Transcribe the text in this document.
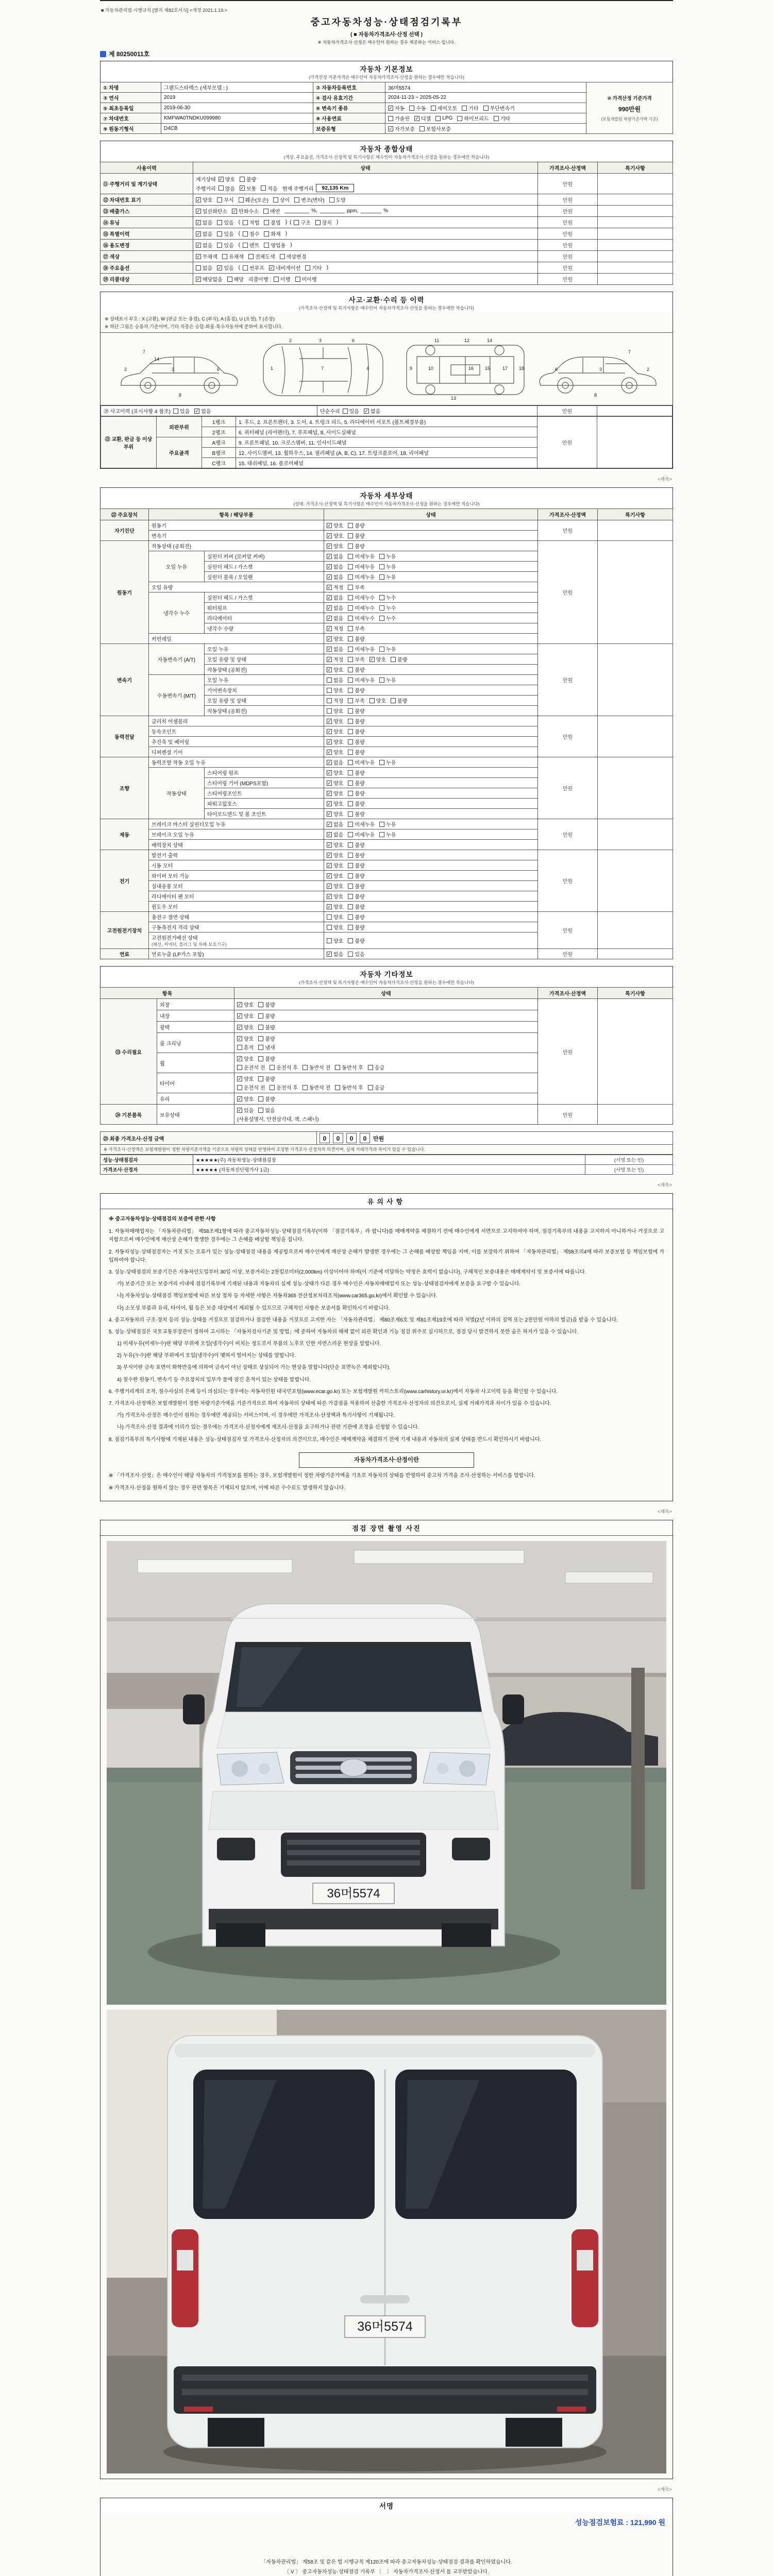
■ 자동차관리법 시행규칙 [별지 제82호서식] <개정 2021.1.19.>
중고자동차성능·상태점검기록부
( ■ 자동차가격조사·산정 선택 )
※ 자동차가격조사·산정은 매수인이 원하는 경우 제공하는 서비스 입니다.
제 80250011호
자동차 기본정보
(가격산정 기준가격은 매수인이 자동차가격조사·산정을 원하는 경우에만 적습니다)
① 차명	그랜드스타렉스 (세부모델 : )	② 자동차등록번호	36머5574	⑩ 가격산정 기준가격
990만원
(보험개발원 차량기준가액 기준)

③ 연식	2019	④ 검사 유효기간	2024-11-23 ~ 2025-05-22	
⑤ 최초등록일	2019-06-30	⑥ 변속기 종류	✓ 자동 수동 세미오토 기타 무단변속기

⑦ 차대번호	KMFWA0TNDKU099980	⑧ 사용연료	가솔린 ✓ 디젤 LPG 하이브리드 기타

⑨ 원동기형식	D4CB	보증유형	✓ 자가보증 보험사보증	
자동차 종합상태
(색상, 주요옵션, 가격조사·산정액 및 특기사항은 매수인이 자동차가격조사·산정을 원하는 경우에만 적습니다)
사용이력	상태	가격조사·산정액	특기사항
⑪ 주행거리 및 계기상태	
계기상태 ✓ 양호 불량
주행거리 많음 ✓ 보통 적음 현재 주행거리 92,135 Km
	만원	
⑫ 차대번호 표기	✓ 양호 부식 훼손(오손) 상이 변조(변타) 도말	만원	
⑬ 배출가스	✓ 일산화탄소 ✓ 탄화수소 매연	%,	ppm,	%	만원	
⑭ 튜닝	✓ 없음 있음 ( 적법 불법 ) ( 구조 장치 )	만원	
⑮ 특별이력	✓ 없음 있음 ( 침수 화재 )	만원	
⑯ 용도변경	✓ 없음 있음 ( 렌트 영업용 )	만원	
⑰ 색상	✓ 무채색 유채색 전체도색 색상변경	만원	
⑱ 주요옵션	없음 ✓ 있음 ( 썬루프 ✓ 네비게이션 기타 )	만원	
⑲ 리콜대상	✓ 해당없음 해당 리콜이행 : 이행 미이행	만원	
사고·교환·수리 등 이력
(가격조사·산정액 및 특기사항은 매수인이 자동차가격조사·산정을 원하는 경우에만 적습니다)
※ 상태표시 부호 : X (교환), W (판금 또는 용접), C (부식), A (흠집), U (요철), T (손상)
※ 하단 그림은 승용차 기준이며, 기타 차종은 승합·화물·특수자동차에 준하여 표시합니다.
7
2	3	6
8
14
1
2
7	4
6
3
9	10
11	12
13
16 15	17 18
14
7
2
3
6
8
⑳ 사고이력 (표시사항 4 참조) 있음 ✓ 없음	단순수리 있음 ✓ 없음	만원	
㉑ 교환, 판금 등 이상 부위	외판부위	1랭크	1. 후드, 2. 프론트펜더, 3. 도어, 4. 트렁크 리드, 5. 라디에이터 서포트 (볼트체결부품)	만원	
		2랭크	6. 쿼터패널 (리어펜더), 7. 루프패널, 8. 사이드실패널		
	주요골격	A랭크	9. 프론트패널, 10. 크로스멤버, 11. 인사이드패널		
		B랭크	12. 사이드멤버, 13. 휠하우스, 14. 필러패널 (A, B, C), 17. 트렁크플로어, 18. 리어패널		
		C랭크	15. 대쉬패널, 16. 플로어패널		
<계속>
자동차 세부상태
(상태, 가격조사·산정액 및 특기사항은 매수인이 자동차가격조사·산정을 원하는 경우에만 적습니다)
㉒ 주요장치	항목 / 해당부품		상태	가격조사·산정액	특기사항
자기진단	원동기		✓ 양호 불량	만원	
	변속기		✓ 양호 불량		

원동기	작동상태 (공회전)		✓ 양호 불량	만원	
	오일 누유	실린더 커버 (로커암 커버)	✓ 없음 미세누유 누유		

		실린더 헤드 / 가스켓	✓ 없음 미세누유 누유		

		실린더 블록 / 오일팬	✓ 없음 미세누유 누유		

	오일 유량		✓ 적정 부족		

	냉각수 누수	실린더 헤드 / 가스켓	✓ 없음 미세누수 누수		

		워터펌프	✓ 없음 미세누수 누수		

		라디에이터	✓ 없음 미세누수 누수		

		냉각수 수량	✓ 적정 부족		

	커먼레일		✓ 양호 불량		

변속기	자동변속기 (A/T)	오일 누유	✓ 없음 미세누유 누유	만원	
오일 유량 및 상태	✓ 적정 부족 ✓ 양호 불량

		작동상태 (공회전)	✓ 양호 불량		

	수동변속기 (M/T)	오일 누유	없음 미세누유 누유		

		기어변속장치	양호 불량		

		오일 유량 및 상태	적정 부족 양호 불량		

		작동상태 (공회전)	양호 불량		

동력전달	클러치 어셈블리		✓ 양호 불량	만원	
	등속조인트		✓ 양호 불량		

	추진축 및 베어링		✓ 양호 불량		

	디퍼렌셜 기어		✓ 양호 불량		

조향	동력조향 작동 오일 누유		✓ 없음 미세누유 누유	만원	
	작동상태	스티어링 펌프	✓ 양호 불량		

		스티어링 기어 (MDPS포함)	✓ 양호 불량		

		스티어링조인트	✓ 양호 불량		

		파워고압호스	✓ 양호 불량		

		타이로드엔드 및 볼 조인트	✓ 양호 불량		

제동	브레이크 마스터 실린더오일 누유		✓ 없음 미세누유 누유	만원	
	브레이크 오일 누유		✓ 없음 미세누유 누유		

	배력장치 상태		✓ 양호 불량		

전기	발전기 출력		✓ 양호 불량	만원	
	시동 모터		✓ 양호 불량		

	와이퍼 모터 기능		✓ 양호 불량		

	실내송풍 모터		✓ 양호 불량		

	라디에이터 팬 모터		✓ 양호 불량		

	윈도우 모터		✓ 양호 불량		

고전원전기장치	충전구 절연 상태		양호 불량	만원	
	구동축전지 격리 상태		양호 불량		

	고전원전기배선 상태
(배선, 커넥터, 플러그 및 차폐·보호기구)		양호 불량		

연료	연료누출 (LP가스 포함)		✓ 없음 있음	만원	
자동차 기타정보
(가격조사·산정액 및 특기사항은 매수인이 자동차가격조사·산정을 원하는 경우에만 적습니다)
항목		상태	가격조사·산정액	특기사항
㉓ 수리필요	외장	✓ 양호 불량	만원	
	내장	✓ 양호 불량		

	광택	✓ 양호 불량		

	룸 크리닝	✓ 양호 불량
흔적 냄새		

휠	
✓ 양호 불량
운전석 전 운전석 후 동반석 전 동반석 후 응급

타이어	
✓ 양호 불량
운전석 전 운전석 후 동반석 전 동반석 후 응급

	유리	✓ 양호 불량		

㉔ 기본품목	보유상태	✓ 있음 없음
(사용설명서, 안전삼각대, 잭, 스패너)	만원	
㉕ 최종 가격조사·산정 금액	0 0 0 0 만원
※ 가격조사·산정액은 보험개발원이 정한 차량기준가액을 기준으로 차량의 상태를 반영하여 조정한 가격조사·산정자의 의견이며, 실제 거래가격과 차이가 있을 수 있습니다.
성능·상태점검자	★★★★★(주) 자동차성능·상태점검장	(서명 또는 인)
가격조사·산정자	★★★★★ (자동차진단평가사 1급)	(서명 또는 인)
<계속>
유의사항
※ 중고자동차성능·상태점검의 보증에 관한 사항
1. 자동차매매업자는 「자동차관리법」 제58조제1항에 따라 중고자동차성능·상태점검기록부(이하 「점검기록부」라 합니다)를 매매계약을 체결하기 전에 매수인에게 서면으로 고지하여야 하며, 점검기록부의 내용을 고지하지 아니하거나 거짓으로 고지함으로써 매수인에게 재산상 손해가 발생한 경우에는 그 손해를 배상할 책임을 집니다.
2. 자동차성능·상태점검자는 거짓 또는 오류가 있는 성능·상태점검 내용을 제공함으로써 매수인에게 재산상 손해가 발생한 경우에는 그 손해를 배상할 책임을 지며, 이를 보장하기 위하여 「자동차관리법」 제58조의4에 따라 보증보험 등 책임보험에 가입하여야 합니다.
3. 성능·상태점검의 보증기간은 자동차인도일부터 30일 이상, 보증거리는 2천킬로미터(2,000km) 이상이어야 하며(이 기준에 미달하는 약정은 효력이 없습니다), 구체적인 보증내용은 매매계약서 및 보증서에 따릅니다.
가) 보증기간 또는 보증거리 이내에 점검기록부에 기재된 내용과 자동차의 실제 성능·상태가 다른 경우 매수인은 자동차매매업자 또는 성능·상태점검자에게 보증을 요구할 수 있습니다.
나) 자동차성능·상태점검 책임보험에 따른 보상 절차 등 자세한 사항은 자동차365 전산정보처리조직(www.car365.go.kr)에서 확인할 수 있습니다.
다) 소모성 부품과 유리, 타이어, 휠 등은 보증 대상에서 제외될 수 있으므로 구체적인 사항은 보증서를 확인하시기 바랍니다.
4. 중고자동차의 구조·장치 등의 성능·상태를 거짓으로 점검하거나 점검한 내용을 거짓으로 고지한 자는 「자동차관리법」 제80조제6호 및 제81조제19호에 따라 처벌(2년 이하의 징역 또는 2천만원 이하의 벌금)을 받을 수 있습니다.
5. 성능·상태점검은 국토교통부장관이 정하여 고시하는 「자동차검사기준 및 방법」에 준하여 자동차의 해체 없이 외관 확인과 기능 점검 위주로 실시하므로, 점검 당시 발견하지 못한 숨은 하자가 있을 수 있습니다.
1) 미세누유(미세누수)란 해당 부위에 오일(냉각수)이 비치는 정도로서 부품의 노후로 인한 자연스러운 현상을 말합니다.
2) 누유(누수)란 해당 부위에서 오일(냉각수)이 맺혀서 떨어지는 상태를 말합니다.
3) 부식이란 금속 표면이 화학반응에 의하여 금속이 아닌 상태로 상실되어 가는 현상을 말합니다(단순 표면녹은 제외합니다).
4) 침수란 원동기, 변속기 등 주요장치의 일부가 물에 잠긴 흔적이 있는 상태를 말합니다.
6. 주행거리계의 조작, 침수사실의 은폐 등이 의심되는 경우에는 자동차민원 대국민포털(www.ecar.go.kr) 또는 보험개발원 카히스토리(www.carhistory.or.kr)에서 자동차 사고이력 등을 확인할 수 있습니다.
7. 가격조사·산정액은 보험개발원이 정한 차량기준가액을 기준가격으로 하여 자동차의 상태에 따른 가감점을 적용하여 산출한 가격조사·산정자의 의견으로서, 실제 거래가격과 차이가 있을 수 있습니다.
가) 가격조사·산정은 매수인이 원하는 경우에만 제공되는 서비스이며, 이 경우에만 가격조사·산정액과 특기사항이 기재됩니다.
나) 가격조사·산정 결과에 이의가 있는 경우에는 가격조사·산정자에게 재조사·산정을 요구하거나 관련 기관에 조정을 신청할 수 있습니다.
8. 점검기록부의 특기사항에 기재된 내용은 성능·상태점검자 및 가격조사·산정자의 의견이므로, 매수인은 매매계약을 체결하기 전에 기재 내용과 자동차의 실제 상태를 반드시 확인하시기 바랍니다.
자동차가격조사·산정이란
※ 「가격조사·산정」은 매수인이 해당 자동차의 가격정보를 원하는 경우, 보험개발원이 정한 차량기준가액을 기초로 자동차의 상태를 반영하여 중고차 가격을 조사·산정하는 서비스를 말합니다.
※ 가격조사·산정을 원하지 않는 경우 관련 항목은 기재되지 않으며, 이에 따른 수수료도 발생하지 않습니다.
<계속>
점검 장면 촬영 사진
36머5574
36머5574
<계속>
서명
성능점검보험료 : 121,990 원
「자동차관리법」 제58조 및 같은 법 시행규칙 제120조에 따라 중고자동차성능·상태점검 결과를 확인하였습니다.
〔 V 〕 중고자동차성능·상태점검 기록부 〔　〕 자동차가격조사·산정서 를 교부받았습니다.
